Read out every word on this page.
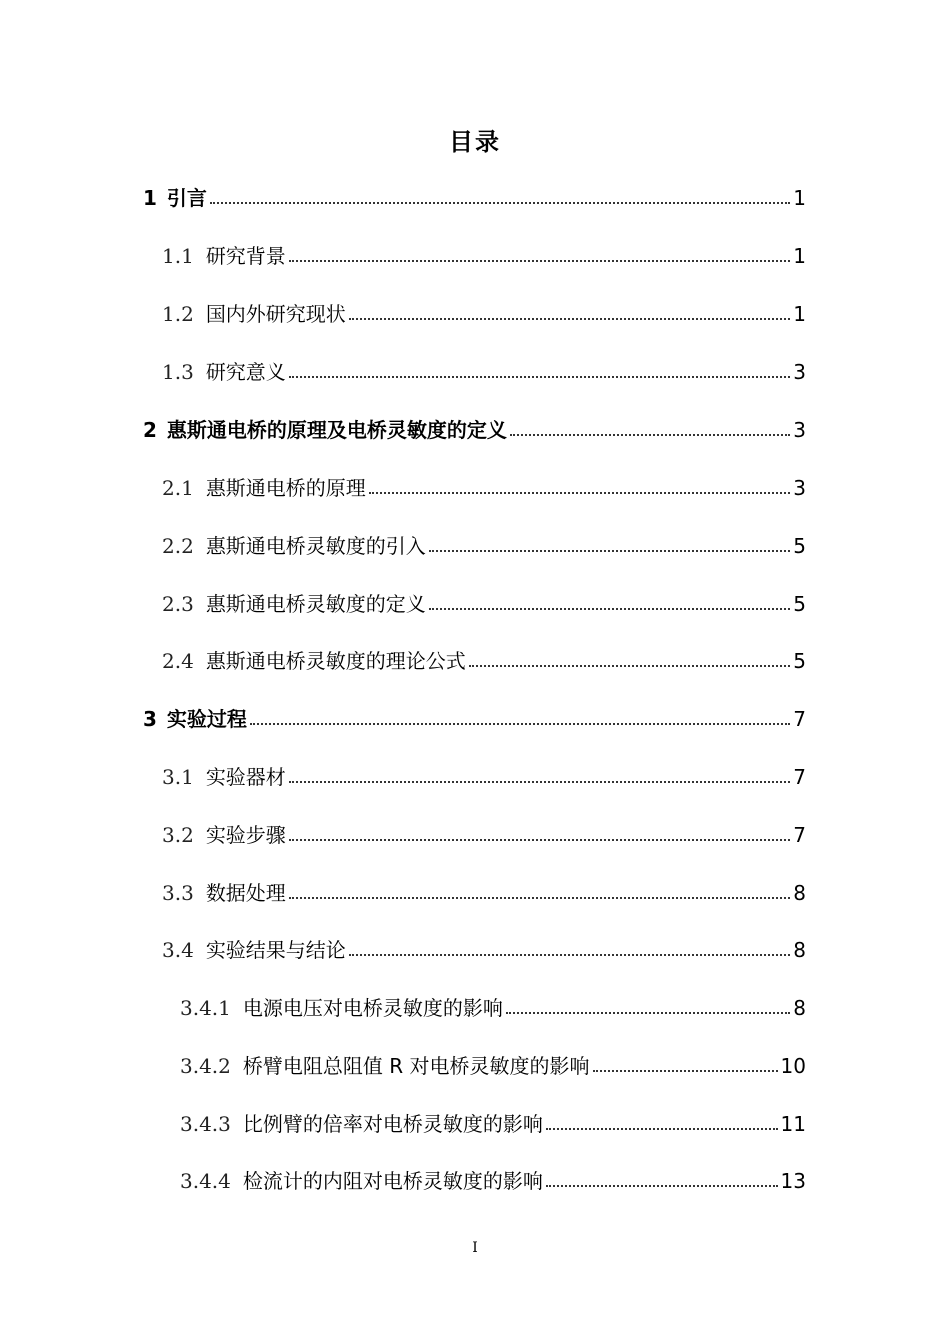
目录
1 引言	1
1.1 研究背景	1
1.2 国内外研究现状	1
1.3 研究意义	3
2 惠斯通电桥的原理及电桥灵敏度的定义	3
2.1 惠斯通电桥的原理	3
2.2 惠斯通电桥灵敏度的引入	5
2.3 惠斯通电桥灵敏度的定义	5
2.4 惠斯通电桥灵敏度的理论公式	5
3 实验过程	7
3.1 实验器材	7
3.2 实验步骤	7
3.3 数据处理	8
3.4 实验结果与结论	8
3.4.1 电源电压对电桥灵敏度的影响	8
3.4.2 桥臂电阻总阻值 R 对电桥灵敏度的影响	10
3.4.3 比例臂的倍率对电桥灵敏度的影响	11
3.4.4 检流计的内阻对电桥灵敏度的影响	13
I
